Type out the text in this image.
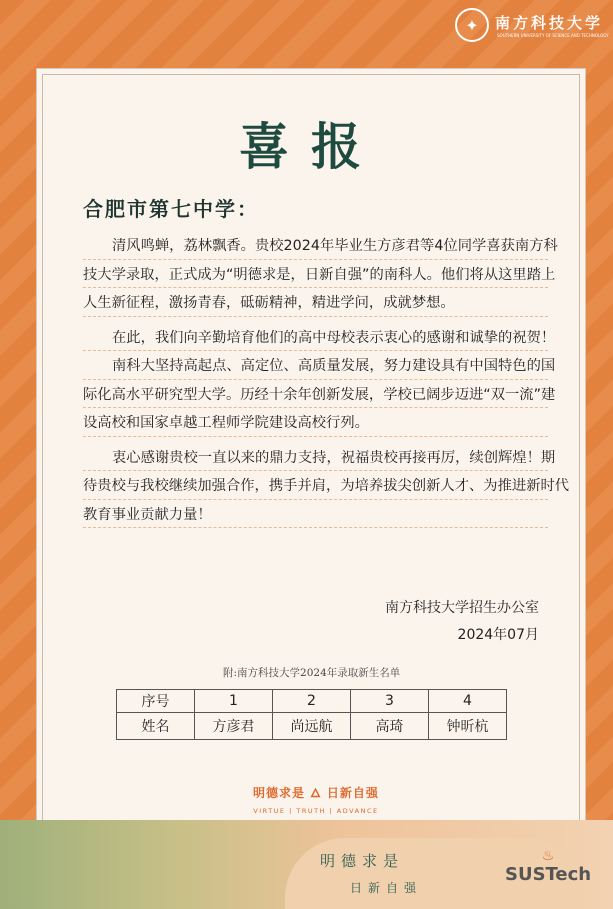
✦	南方科技大学
SOUTHERN UNIVERSITY OF SCIENCE AND TECHNOLOGY
喜报
合肥市第七中学：
清风鸣蝉，荔林飘香。贵校2024年毕业生方彦君等4位同学喜获南方科
技大学录取，正式成为“明德求是，日新自强”的南科人。他们将从这里踏上
人生新征程，激扬青春，砥砺精神，精进学问，成就梦想。
在此，我们向辛勤培育他们的高中母校表示衷心的感谢和诚挚的祝贺！
南科大坚持高起点、高定位、高质量发展，努力建设具有中国特色的国
际化高水平研究型大学。历经十余年创新发展，学校已阔步迈进“双一流”建
设高校和国家卓越工程师学院建设高校行列。
衷心感谢贵校一直以来的鼎力支持，祝福贵校再接再厉，续创辉煌！期
待贵校与我校继续加强合作，携手并肩，为培养拔尖创新人才、为推进新时代
教育事业贡献力量！
南方科技大学招生办公室
2024年07月
附:南方科技大学2024年录取新生名单
序号	1	2	3	4
姓名	方彦君	尚远航	高琦	钟昕杭
明德求是 🜂 日新自强
VIRTUE | TRUTH | ADVANCE
明德求是
日新自强
♨
SUSTech
